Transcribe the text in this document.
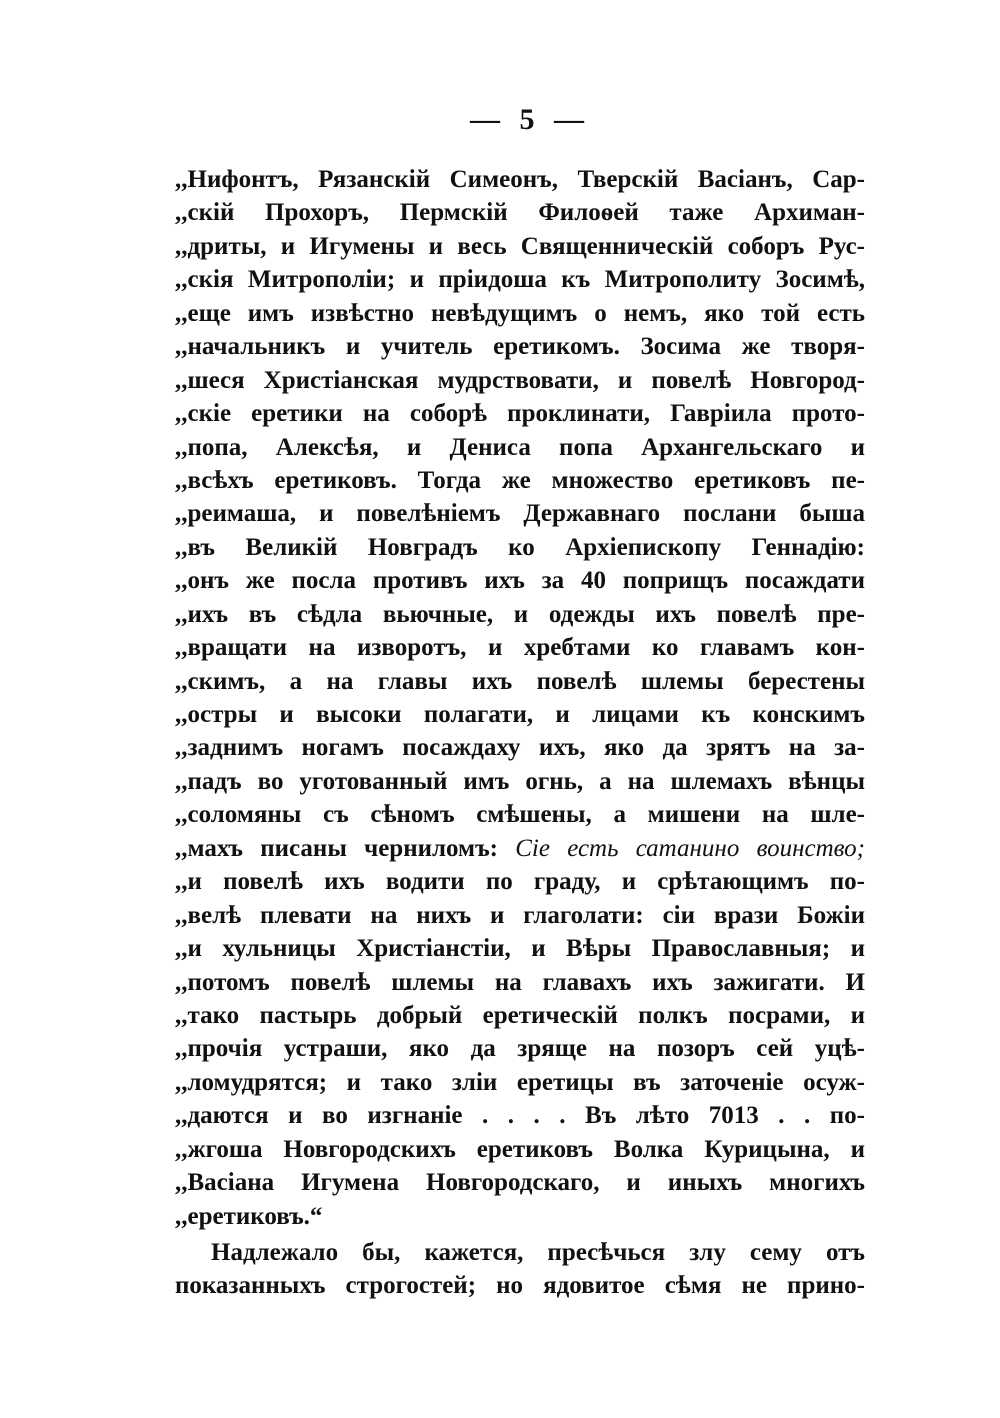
— 5 —
,,Нифонтъ, Рязанскій Симеонъ, Тверскій Васіанъ, Сар-
,,скій Прохоръ, Пермскій Филоѳей таже Архиман-
,,дриты, и Игумены и весь Священническій соборъ Рус-
,,скія Митрополіи; и пріидоша къ Митрополиту Зосимѣ,
,,еще имъ извѣстно невѣдущимъ о немъ, яко той есть
,,начальникъ и учитель еретикомъ. Зосима же творя-
,,шеся Христіанская мудрствовати, и повелѣ Новгород-
,,скіе еретики на соборѣ проклинати, Гавріила прото-
,,попа, Алексѣя, и Дениса попа Архангельскаго и
,,всѣхъ еретиковъ. Тогда же множество еретиковъ пе-
,,реимаша, и повелѣніемъ Державнаго послани быша
,,въ Великій Новградъ ко Архіепископу Геннадію:
,,онъ же посла противъ ихъ за 40 поприщъ посаждати
,,ихъ въ сѣдла вьючные, и одежды ихъ повелѣ пре-
,,вращати на изворотъ, и хребтами ко главамъ кон-
,,скимъ, а на главы ихъ повелѣ шлемы берестены
,,остры и высоки полагати, и лицами къ конскимъ
,,заднимъ ногамъ посаждаху ихъ, яко да зрятъ на за-
,,падъ во уготованный имъ огнь, а на шлемахъ вѣнцы
,,соломяны съ сѣномъ смѣшены, а мишени на шле-
,,махъ писаны черниломъ: Сіе есть сатанино воинство;
,,и повелѣ ихъ водити по граду, и срѣтающимъ по-
,,велѣ плевати на нихъ и глаголати: сіи врази Божіи
,,и хульницы Христіанстіи, и Вѣры Православныя; и
,,потомъ повелѣ шлемы на главахъ ихъ зажигати. И
,,тако пастырь добрый еретическій полкъ посрами, и
,,прочія устраши, яко да зряще на позоръ сей уцѣ-
,,ломудрятся; и тако зліи еретицы въ заточеніе осуж-
,,даются и во изгнаніе . . . . Въ лѣто 7013 . . по-
,,жгоша Новгородскихъ еретиковъ Волка Курицына, и
,,Васіана Игумена Новгородскаго, и иныхъ многихъ
,,еретиковъ.“
Надлежало бы, кажется, пресѣчься злу сему отъ
показанныхъ строгостей; но ядовитое сѣмя не прино-
